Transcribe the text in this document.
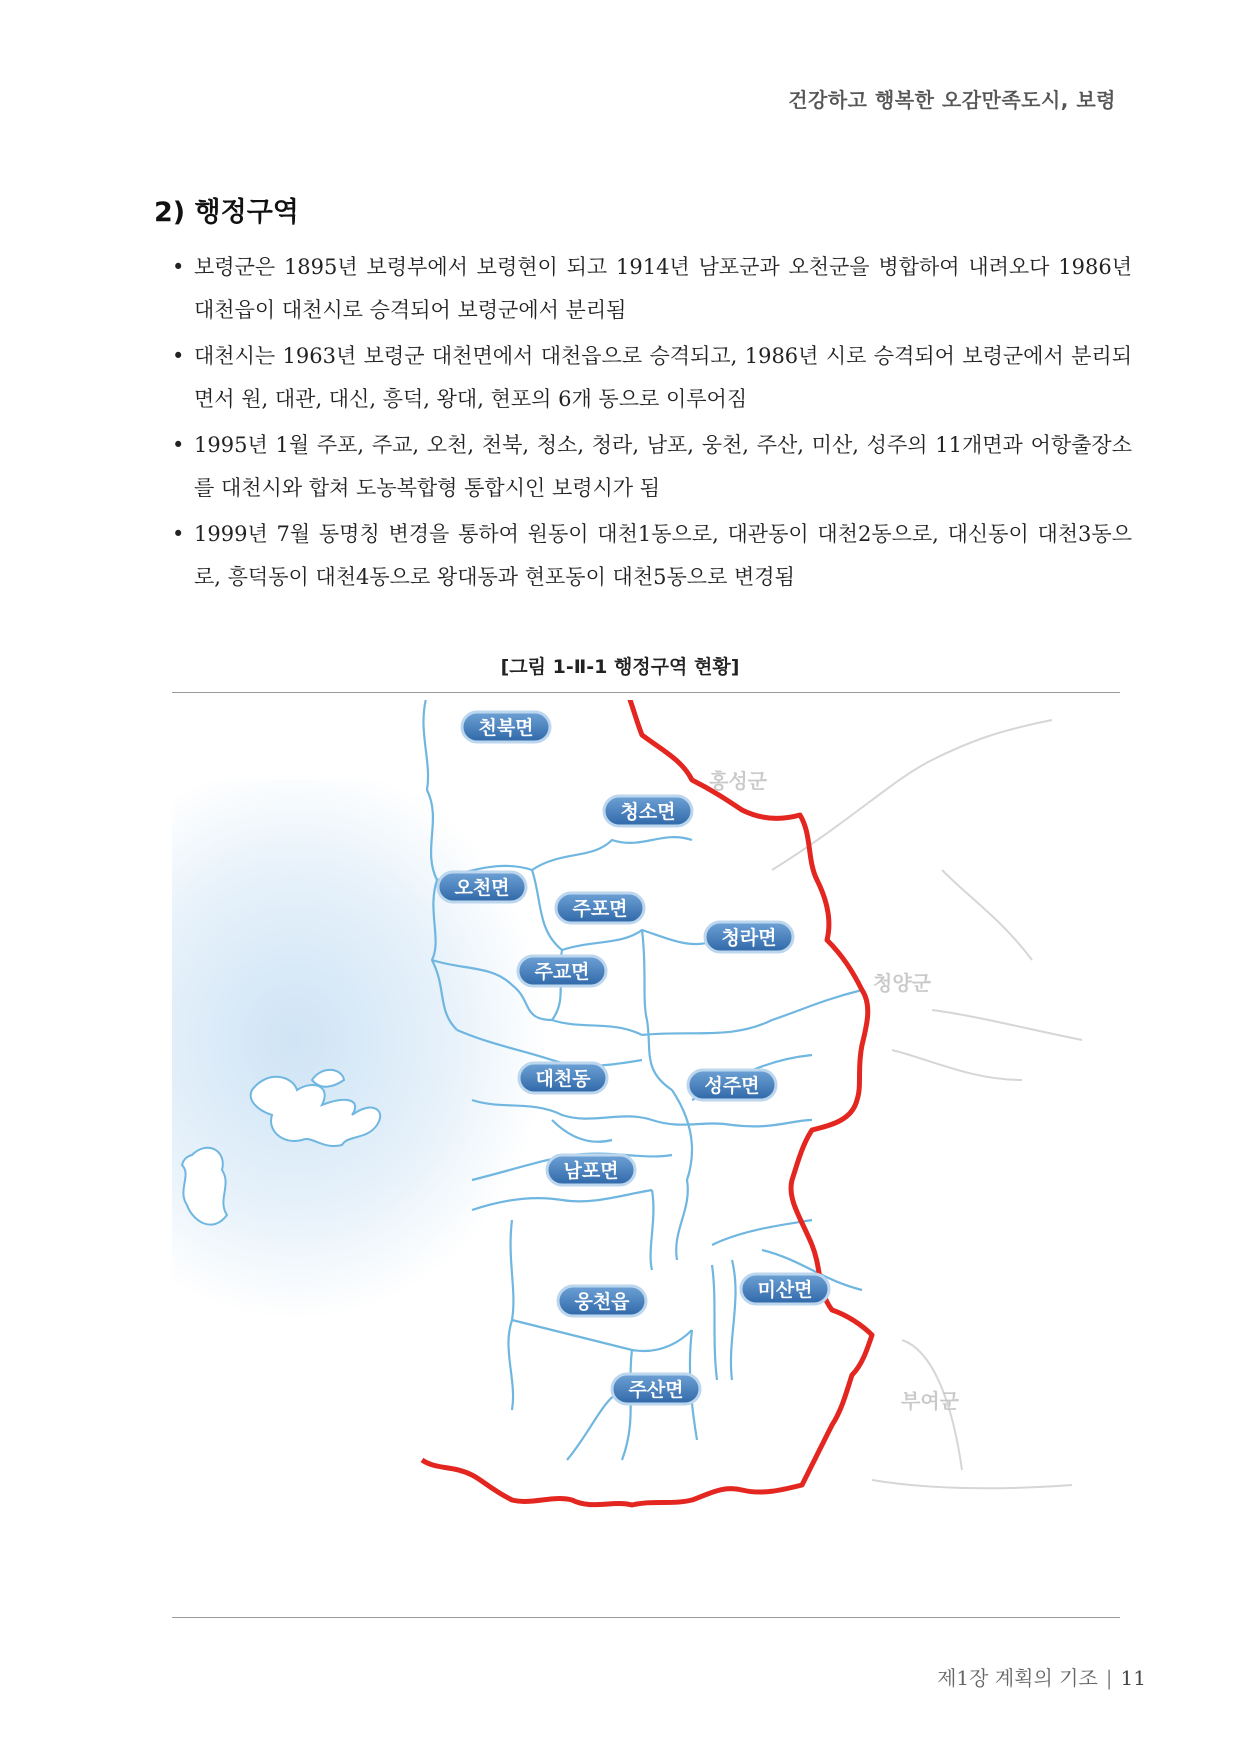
건강하고 행복한 오감만족도시, 보령
2) 행정구역
• 보령군은 1895년 보령부에서 보령현이 되고 1914년 남포군과 오천군을 병합하여 내려오다 1986년 대천읍이 대천시로 승격되어 보령군에서 분리됨
• 대천시는 1963년 보령군 대천면에서 대천읍으로 승격되고, 1986년 시로 승격되어 보령군에서 분리되면서 원, 대관, 대신, 흥덕, 왕대, 현포의 6개 동으로 이루어짐
• 1995년 1월 주포, 주교, 오천, 천북, 청소, 청라, 남포, 웅천, 주산, 미산, 성주의 11개면과 어항출장소를 대천시와 합쳐 도농복합형 통합시인 보령시가 됨
• 1999년 7월 동명칭 변경을 통하여 원동이 대천1동으로, 대관동이 대천2동으로, 대신동이 대천3동으로, 흥덕동이 대천4동으로 왕대동과 현포동이 대천5동으로 변경됨
[그림 1-Ⅱ-1 행정구역 현황]
천북면
청소면
오천면
주포면
청라면
주교면
대천동	성주면
남포면
미산면
웅천읍
주산면
홍성군
청양군
부여군
제1장 계획의 기조 | 11
